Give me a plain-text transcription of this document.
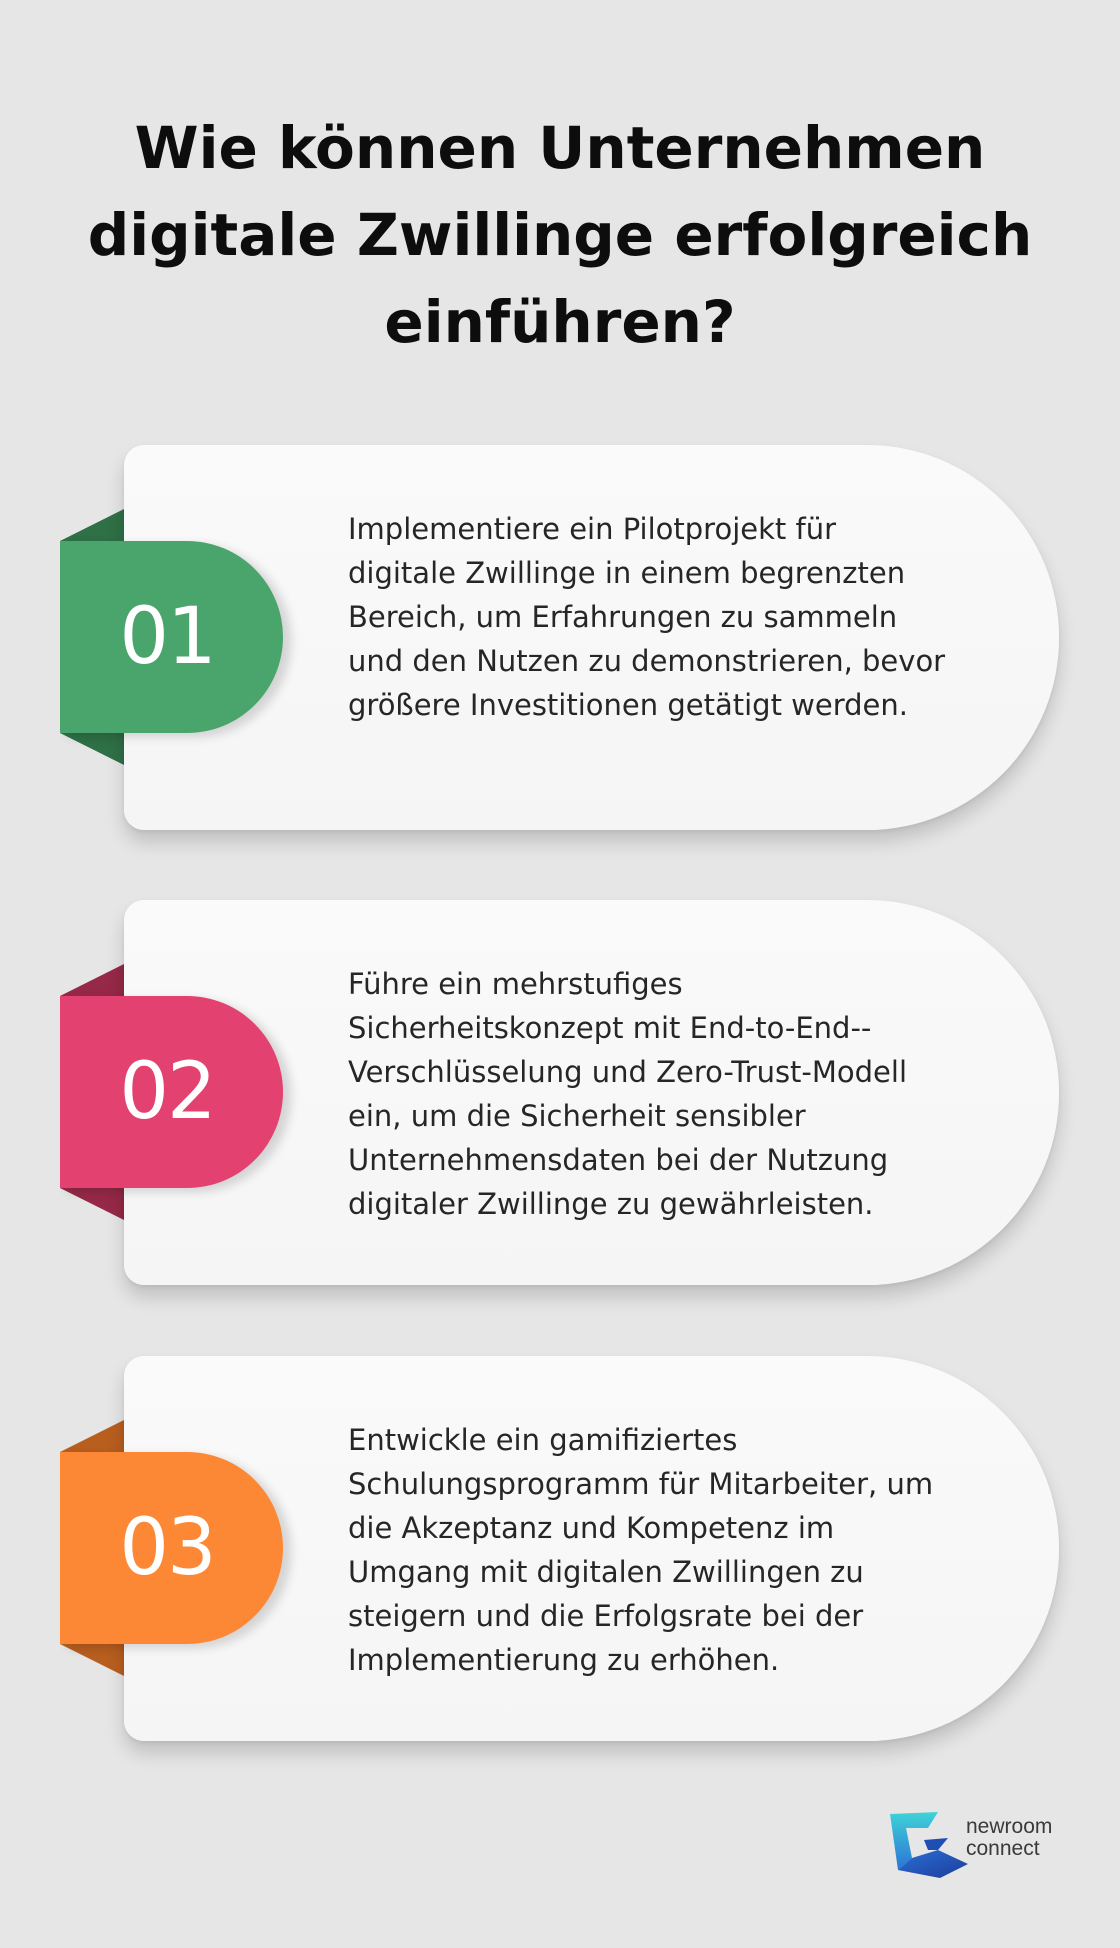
Wie können Unternehmen digitale Zwillinge erfolgreich einführen?
01

Implementiere ein Pilotprojekt für digitale Zwillinge in einem begrenzten Bereich, um Erfahrungen zu sammeln und den Nutzen zu demonstrieren, bevor größere Investitionen getätigt werden.

02

Führe ein mehrstufiges Sicherheitskonzept mit End-to-End--Verschlüsselung und Zero-Trust-Modell ein, um die Sicherheit sensibler Unternehmensdaten bei der Nutzung digitaler Zwillinge zu gewährleisten.

03

Entwickle ein gamifiziertes Schulungsprogramm für Mitarbeiter, um die Akzeptanz und Kompetenz im Umgang mit digitalen Zwillingen zu steigern und die Erfolgsrate bei der Implementierung zu erhöhen.

newroom
connect
